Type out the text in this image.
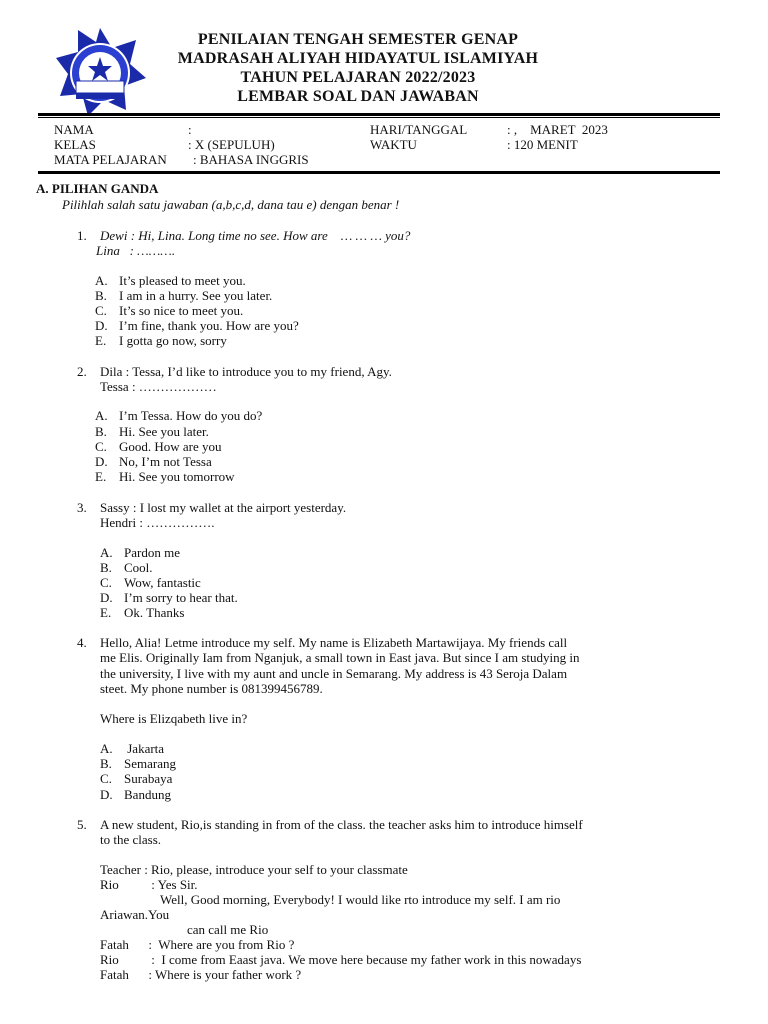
PENILAIAN TENGAH SEMESTER GENAP
MADRASAH ALIYAH HIDAYATUL ISLAMIYAH
TAHUN PELAJARAN 2022/2023
LEMBAR SOAL DAN JAWABAN
NAMA	:
KELAS	: X (SEPULUH)
MATA PELAJARAN : BAHASA INGGRIS
HARI/TANGGAL	: ,    MARET  2023
WAKTU	: 120 MENIT
A. PILIHAN GANDA
Pilihlah salah satu jawaban (a,b,c,d, dana tau e) dengan benar !
1. Dewi : Hi, Lina. Long time no see. How are    … … … you?
Lina   : ……….
A. It’s pleased to meet you.
B. I am in a hurry. See you later.
C. It’s so nice to meet you.
D. I’m fine, thank you. How are you?
E. I gotta go now, sorry
2. Dila : Tessa, I’d like to introduce you to my friend, Agy.
Tessa : ………………
A. I’m Tessa. How do you do?
B. Hi. See you later.
C. Good. How are you
D. No, I’m not Tessa
E. Hi. See you tomorrow
3. Sassy : I lost my wallet at the airport yesterday.
Hendri : …………….
A. Pardon me
B. Cool.
C. Wow, fantastic
D. I’m sorry to hear that.
E. Ok. Thanks
4. Hello, Alia! Letme introduce my self. My name is Elizabeth Martawijaya. My friends call
me Elis. Originally Iam from Nganjuk, a small town in East java. But since I am studying in
the university, I live with my aunt and uncle in Semarang. My address is 43 Seroja Dalam
steet. My phone number is 081399456789.
Where is Elizqabeth live in?
A. Jakarta
B. Semarang
C. Surabaya
D. Bandung
5. A new student, Rio,is standing in from of the class. the teacher asks him to introduce himself
to the class.
Teacher : Rio, please, introduce your self to your classmate
Rio          : Yes Sir.
Well, Good morning, Everybody! I would like rto introduce my self. I am rio
Ariawan.You
can call me Rio
Fatah      :  Where are you from Rio ?
Rio          :  I come from Eaast java. We move here because my father work in this nowadays
Fatah      : Where is your father work ?
